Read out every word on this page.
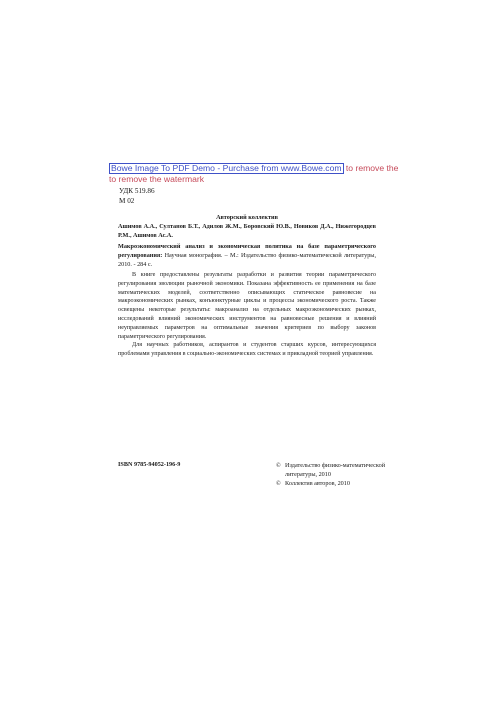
Bowe Image To PDF Demo - Purchase from www.Bowe.com to remove the
to remove the watermark
УДК 519.86
М 02
Авторский коллектив
Ашимов А.А., Султанов Б.Т., Адилов Ж.М., Боровский Ю.В., Новиков Д.А., Нижегородцев Р.М., Ашимов Ас.А.
Макроэкономический анализ и экономическая политика на базе параметрического регулирования: Научная монография. – М.: Издательство физико-математической литературы, 2010. - 284 с.

В книге предоставлены результаты разработки и развития теории параметрического регулирования эволюции рыночной экономики. Показана эффективность ее применения на базе математических моделей, соответственно описывающих статическое равновесие на макроэкономических рынках, конъюнктурные циклы и процессы экономического роста. Также освещены некоторые результаты: макроанализ на отдельных макроэкономических рынках, исследований влияний экономических инструментов на равновесные решения и влияний неуправляемых параметров на оптимальные значения критериев по выбору законов параметрического регулирования.

Для научных работников, аспирантов и студентов старших курсов, интересующихся проблемами управления в социально-экономических системах и прикладной теорией управления.

ISBN 9785-94052-196-9	© Издательство физико-математической литературы, 2010
© Коллектив авторов, 2010
